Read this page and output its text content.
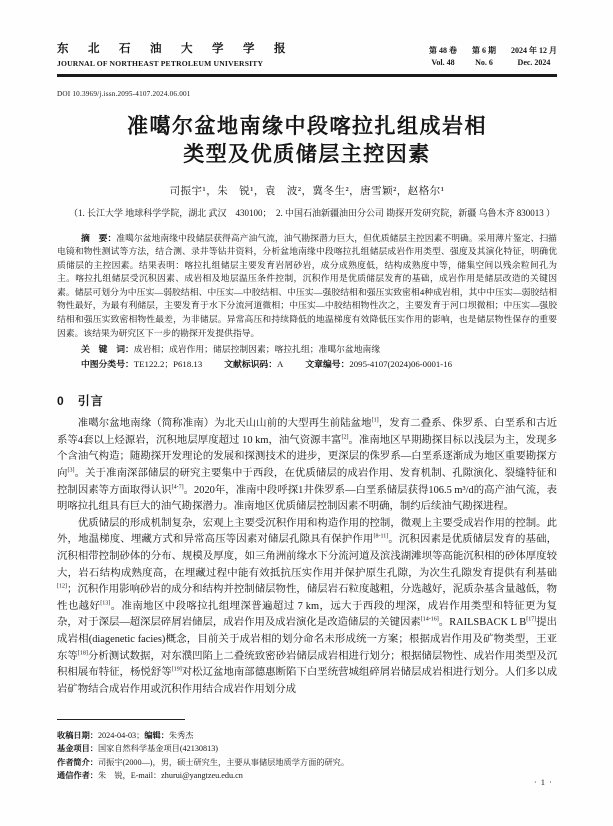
东北石油大学学报
JOURNAL OF NORTHEAST PETROLEUM UNIVERSITY
第 48 卷 第 6 期 2024 年 12 月
Vol. 48	No. 6	Dec. 2024
DOI 10.3969/j.issn.2095-4107.2024.06.001
准噶尔盆地南缘中段喀拉扎组成岩相
类型及优质储层主控因素
司振宇¹，朱　锐¹，袁　波²，冀冬生²，唐雪颖²，赵格尔¹
（1. 长江大学 地球科学学院，湖北 武汉　430100；　2. 中国石油新疆油田分公司 勘探开发研究院，新疆 乌鲁木齐 830013 ）

摘　要：准噶尔盆地南缘中段储层获得高产油气流，油气勘探潜力巨大，但优质储层主控因素不明确。采用薄片鉴定、扫描电镜和物性测试等方法，结合测、录井等钻井资料，分析盆地南缘中段喀拉扎组储层成岩作用类型、强度及其演化特征，明确优质储层的主控因素。结果表明：喀拉扎组储层主要发育岩屑砂岩，成分成熟度低，结构成熟度中等，储集空间以残余粒间孔为主。喀拉扎组储层受沉积因素、成岩相及地层温压条件控制，沉积作用是优质储层发育的基础，成岩作用是储层改造的关键因素。储层可划分为中压实—弱胶结相、中压实—中胶结相、中压实—强胶结相和强压实致密相4种成岩相，其中中压实—弱胶结相物性最好，为最有利储层，主要发育于水下分流河道微相；中压实—中胶结相物性次之，主要发育于河口坝微相；中压实—强胶结相和强压实致密相物性最差，为非储层。异常高压和持续降低的地温梯度有效降低压实作用的影响，也是储层物性保存的重要因素。该结果为研究区下一步的勘探开发提供指导。

关　键　词：成岩相；成岩作用；储层控制因素；喀拉扎组；准噶尔盆地南缘

中图分类号：TE122.2；P618.13	文献标识码：A	文章编号：2095-4107(2024)06-0001-16

0 引言

准噶尔盆地南缘（简称准南）为北天山山前的大型再生前陆盆地[1]，发育二叠系、侏罗系、白垩系和古近系等4套以上烃源岩，沉积地层厚度超过 10 km，油气资源丰富[2]。准南地区早期勘探目标以浅层为主，发现多个含油气构造；随勘探开发理论的发展和探测技术的进步，更深层的侏罗系—白垩系逐渐成为地区重要勘探方向[3]。关于准南深部储层的研究主要集中于西段，在优质储层的成岩作用、发育机制、孔隙演化、裂缝特征和控制因素等方面取得认识[4-7]。2020年，准南中段呼探1井侏罗系—白垩系储层获得106.5 m³/d的高产油气流，表明喀拉扎组具有巨大的油气勘探潜力。准南地区优质储层控制因素不明确，制约后续油气勘探进程。

优质储层的形成机制复杂，宏观上主要受沉积作用和构造作用的控制，微观上主要受成岩作用的控制。此外，地温梯度、埋藏方式和异常高压等因素对储层孔隙具有保护作用[8-11]。沉积因素是优质储层发育的基础，沉积相带控制砂体的分布、规模及厚度，如三角洲前缘水下分流河道及滨浅湖滩坝等高能沉积相的砂体厚度较大，岩石结构成熟度高，在埋藏过程中能有效抵抗压实作用并保护原生孔隙，为次生孔隙发育提供有利基础[12]；沉积作用影响砂岩的成分和结构并控制储层物性，储层岩石粒度越粗，分选越好，泥质杂基含量越低，物性也越好[13]。准南地区中段喀拉扎组埋深普遍超过 7 km，远大于西段的埋深，成岩作用类型和特征更为复杂，对于深层—超深层碎屑岩储层，成岩作用及成岩演化是改造储层的关键因素[14-16]。RAILSBACK L B[17]提出成岩相(diagenetic facies)概念，目前关于成岩相的划分命名未形成统一方案；根据成岩作用及矿物类型，王亚东等[18]分析测试数据，对东濮凹陷上二叠统致密砂岩储层成岩相进行划分；根据储层物性、成岩作用类型及沉积相展布特征，杨悦舒等[19]对松辽盆地南部德惠断陷下白垩统营城组碎屑岩储层成岩相进行划分。人们多以成岩矿物结合成岩作用或沉积作用结合成岩作用划分成

收稿日期：2024-04-03；编辑：朱秀杰
基金项目：国家自然科学基金项目(42130813)
作者简介：司振宇(2000—)，男，硕士研究生，主要从事储层地质学方面的研究。
通信作者：朱　锐，E-mail：zhurui@yangtzeu.edu.cn
· 1 ·
